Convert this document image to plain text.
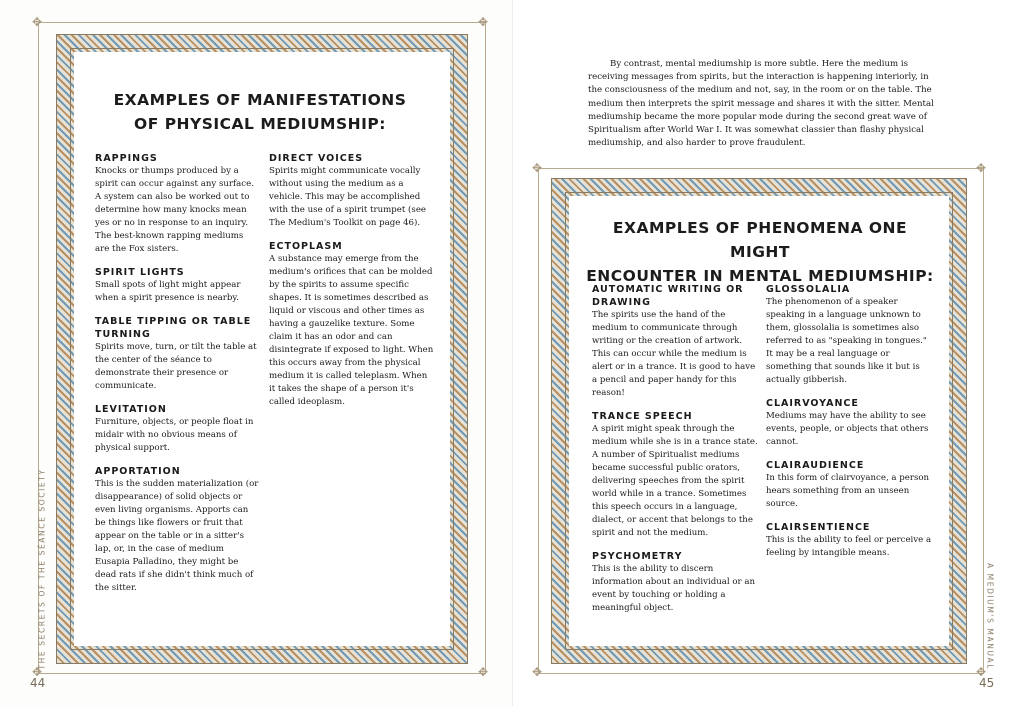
✥	✥
✥	✥
✥	✥
✥	✥
EXAMPLES OF MANIFESTATIONS
OF PHYSICAL MEDIUMSHIP:
RAPPINGS

Knocks or thumps produced by a spirit can occur against any surface. A system can also be worked out to determine how many knocks mean yes or no in response to an inquiry. The best-known rapping mediums are the Fox sisters.

SPIRIT LIGHTS

Small spots of light might appear when a spirit presence is nearby.

TABLE TIPPING OR TABLE TURNING

Spirits move, turn, or tilt the table at the center of the séance to demonstrate their presence or communicate.

LEVITATION

Furniture, objects, or people float in midair with no obvious means of physical support.

APPORTATION

This is the sudden materialization (or disappearance) of solid objects or even living organisms. Apports can be things like flowers or fruit that appear on the table or in a sitter's lap, or, in the case of medium Eusapia Palladino, they might be dead rats if she didn't think much of the sitter.

DIRECT VOICES

Spirits might communicate vocally without using the medium as a vehicle. This may be accomplished with the use of a spirit trumpet (see The Medium's Toolkit on page 46).

ECTOPLASM

A substance may emerge from the medium's orifices that can be molded by the spirits to assume specific shapes. It is sometimes described as liquid or viscous and other times as having a gauzelike texture. Some claim it has an odor and can disintegrate if exposed to light. When this occurs away from the physical medium it is called teleplasm. When it takes the shape of a person it's called ideoplasm.

THE SECRETS OF THE SÉANCE SOCIETY
44

By contrast, mental mediumship is more subtle. Here the medium is receiving messages from spirits, but the interaction is happening interiorly, in the consciousness of the medium and not, say, in the room or on the table. The medium then interprets the spirit message and shares it with the sitter. Mental mediumship became the more popular mode during the second great wave of Spiritualism after World War I. It was somewhat classier than flashy physical mediumship, and also harder to prove fraudulent.

EXAMPLES OF PHENOMENA ONE MIGHT
ENCOUNTER IN MENTAL MEDIUMSHIP:
AUTOMATIC WRITING OR DRAWING

The spirits use the hand of the medium to communicate through writing or the creation of artwork. This can occur while the medium is alert or in a trance. It is good to have a pencil and paper handy for this reason!

TRANCE SPEECH

A spirit might speak through the medium while she is in a trance state. A number of Spiritualist mediums became successful public orators, delivering speeches from the spirit world while in a trance. Sometimes this speech occurs in a language, dialect, or accent that belongs to the spirit and not the medium.

PSYCHOMETRY

This is the ability to discern information about an individual or an event by touching or holding a meaningful object.

GLOSSOLALIA

The phenomenon of a speaker speaking in a language unknown to them, glossolalia is sometimes also referred to as "speaking in tongues." It may be a real language or something that sounds like it but is actually gibberish.

CLAIRVOYANCE

Mediums may have the ability to see events, people, or objects that others cannot.

CLAIRAUDIENCE

In this form of clairvoyance, a person hears something from an unseen source.

CLAIRSENTIENCE

This is the ability to feel or perceive a feeling by intangible means.

A MEDIUM'S MANUAL
45
